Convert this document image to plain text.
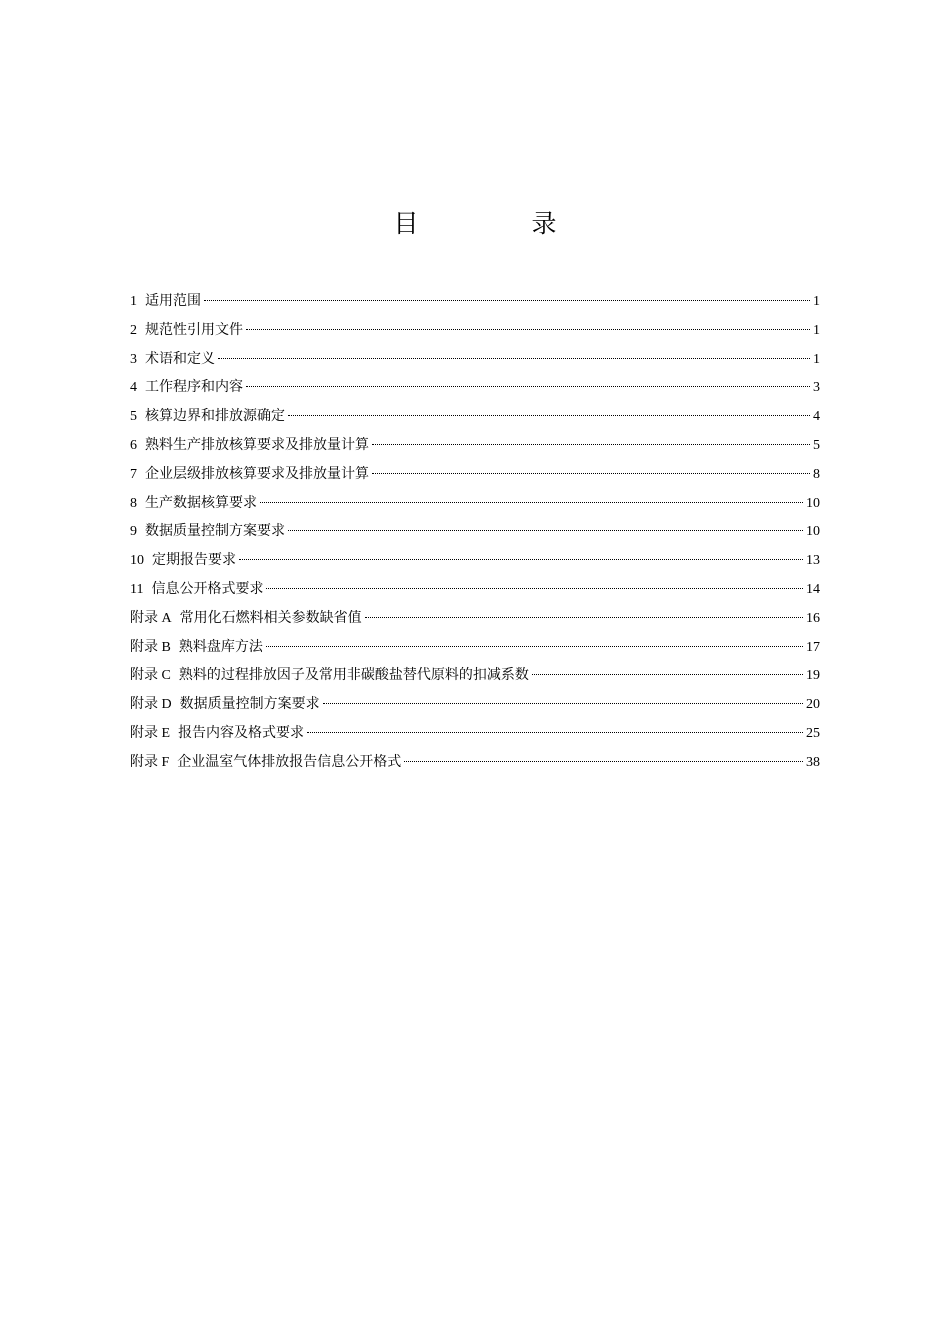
目　录
1 适用范围	1
2 规范性引用文件	1
3 术语和定义	1
4 工作程序和内容	3
5 核算边界和排放源确定	4
6 熟料生产排放核算要求及排放量计算	5
7 企业层级排放核算要求及排放量计算	8
8 生产数据核算要求	10
9 数据质量控制方案要求	10
10 定期报告要求	13
11 信息公开格式要求	14
附录 A 常用化石燃料相关参数缺省值	16
附录 B 熟料盘库方法	17
附录 C 熟料的过程排放因子及常用非碳酸盐替代原料的扣减系数	19
附录 D 数据质量控制方案要求	20
附录 E 报告内容及格式要求	25
附录 F 企业温室气体排放报告信息公开格式	38
